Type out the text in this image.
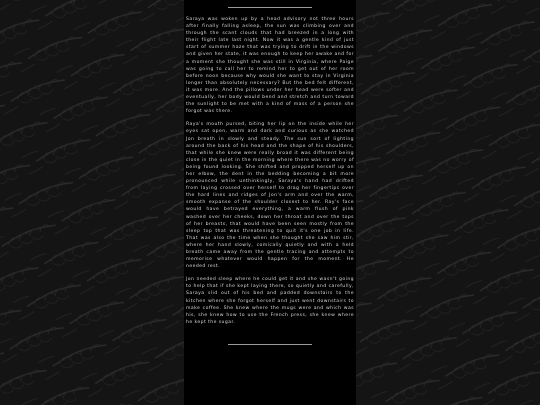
Saraya was woken up by a head advisory not three hours after finally falling asleep, the sun was climbing over and through the scant clouds that had breezed in a long with their flight late last night. Now it was a gentle kind of just start of summer haze that was trying to drift in the windows and given her state, it was enough to keep her awake and for a moment she thought she was still in Virginia, where Paige was going to call her to remind her to get out of her room before noon because why would she want to stay in Virginia longer than absolutely necessary? But the bed felt different, it was more. And the pillows under her head were softer and eventually, her body would bend and stretch and turn toward the sunlight to be met with a kind of mass of a person she forgot was there.

Raya's mouth pursed, biting her lip on the inside while her eyes sat open, warm and dark and curious as she watched Jon breath in slowly and steady. The sun sort of lighting around the back of his head and the shape of his shoulders, that while she knew were really broad it was different being close in the quiet in the morning where there was no worry of being found looking. She shifted and propped herself up on her elbow, the dent in the bedding becoming a bit more pronounced while unthinkingly, Saraya's hand had drifted from laying crossed over herself to drag her fingertips over the hard lines and ridges of Jon's arm and over the warm, smooth expanse of the shoulder closest to her. Ray's face would have betrayed everything, a warm flush of pink washed over her cheeks, down her throat and over the tops of her breasts, that would have been seen mostly from the sleep top that was threatening to quit it's one job in life. That was also the time when she thought she saw him stir, where her hand slowly, comically quietly and with a held breath came away from the gentle tracing and attempts to memorise whatever would happen for the moment. He needed rest.

Jon needed sleep where he could get it and she wasn't going to help that if she kept laying there, so quietly and carefully, Saraya slid out of his bed and padded downstairs to the kitchen where she forgot herself and just went downstairs to make coffee. She knew where the mugs were and which was his, she knew how to use the French press, she knew where he kept the sugar.
